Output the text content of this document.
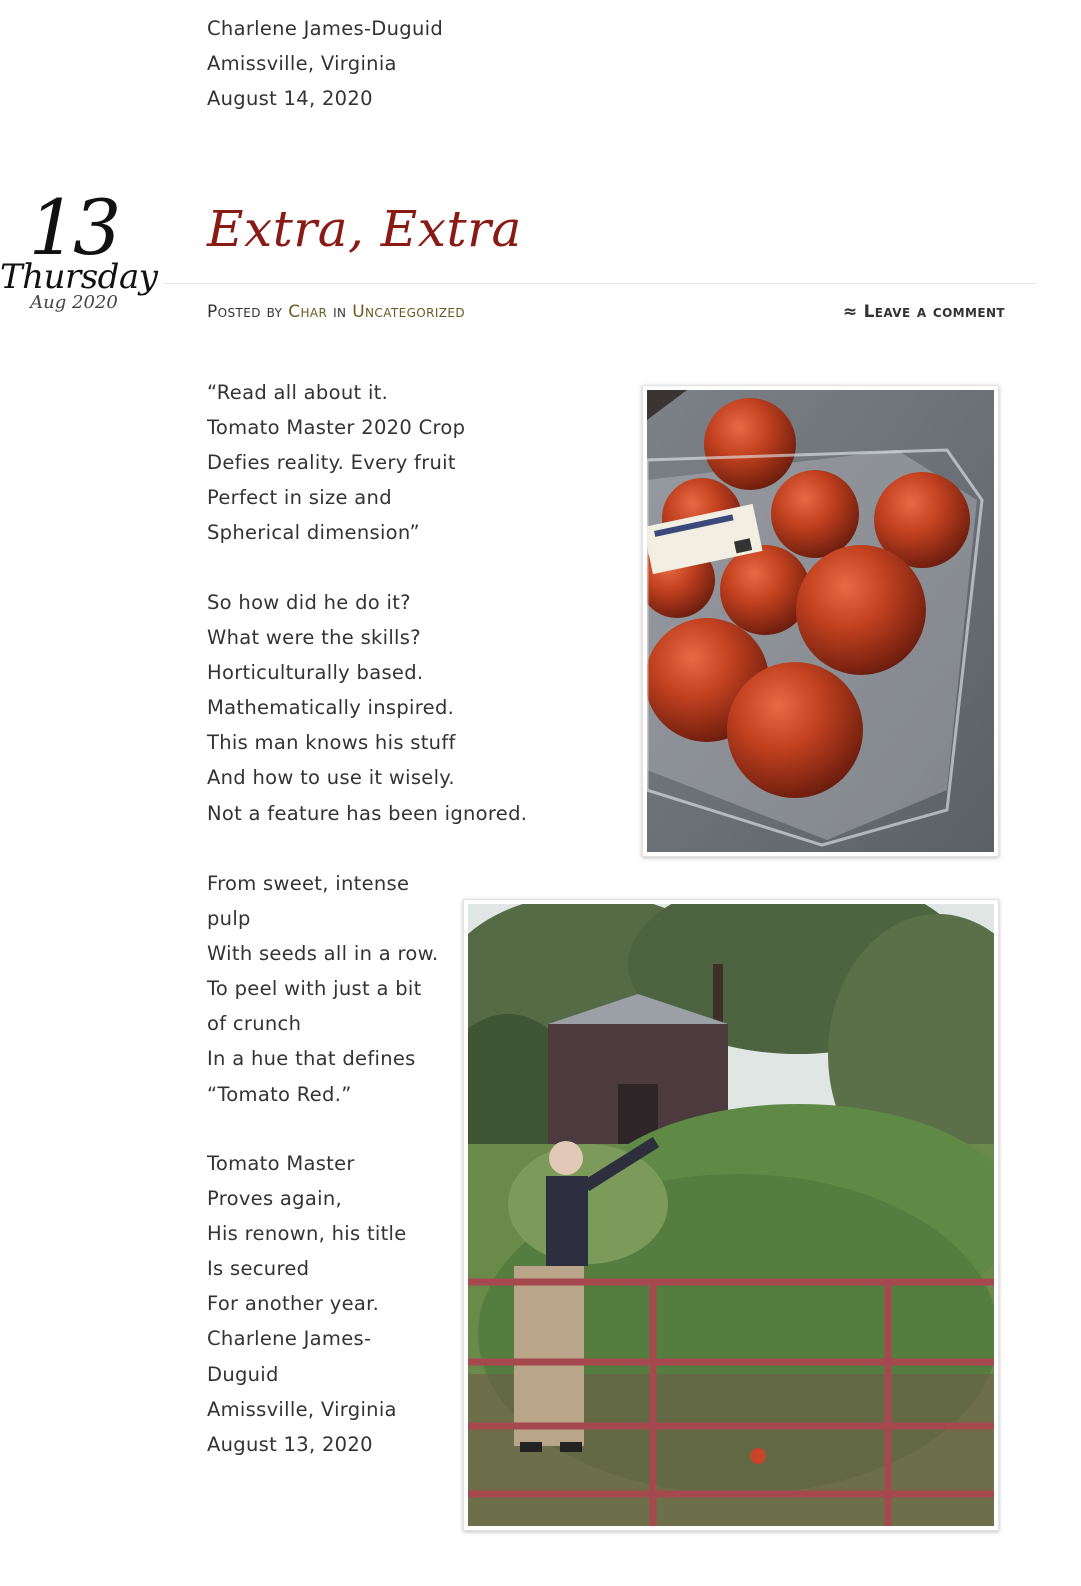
Charlene James-Duguid

Amissville, Virginia

August 14, 2020

13
Thursday
Aug 2020
Extra, Extra
Posted by Char in Uncategorized	≈ Leave a comment

“Read all about it.

Tomato Master 2020 Crop

Defies reality. Every fruit

Perfect in size and

Spherical dimension”

So how did he do it?

What were the skills?

Horticulturally based.

Mathematically inspired.

This man knows his stuff

And how to use it wisely.

Not a feature has been ignored.

From sweet, intense

pulp

With seeds all in a row.

To peel with just a bit

of crunch

In a hue that defines

“Tomato Red.”

Tomato Master

Proves again,

His renown, his title

Is secured

For another year.

Charlene James-

Duguid

Amissville, Virginia

August 13, 2020
